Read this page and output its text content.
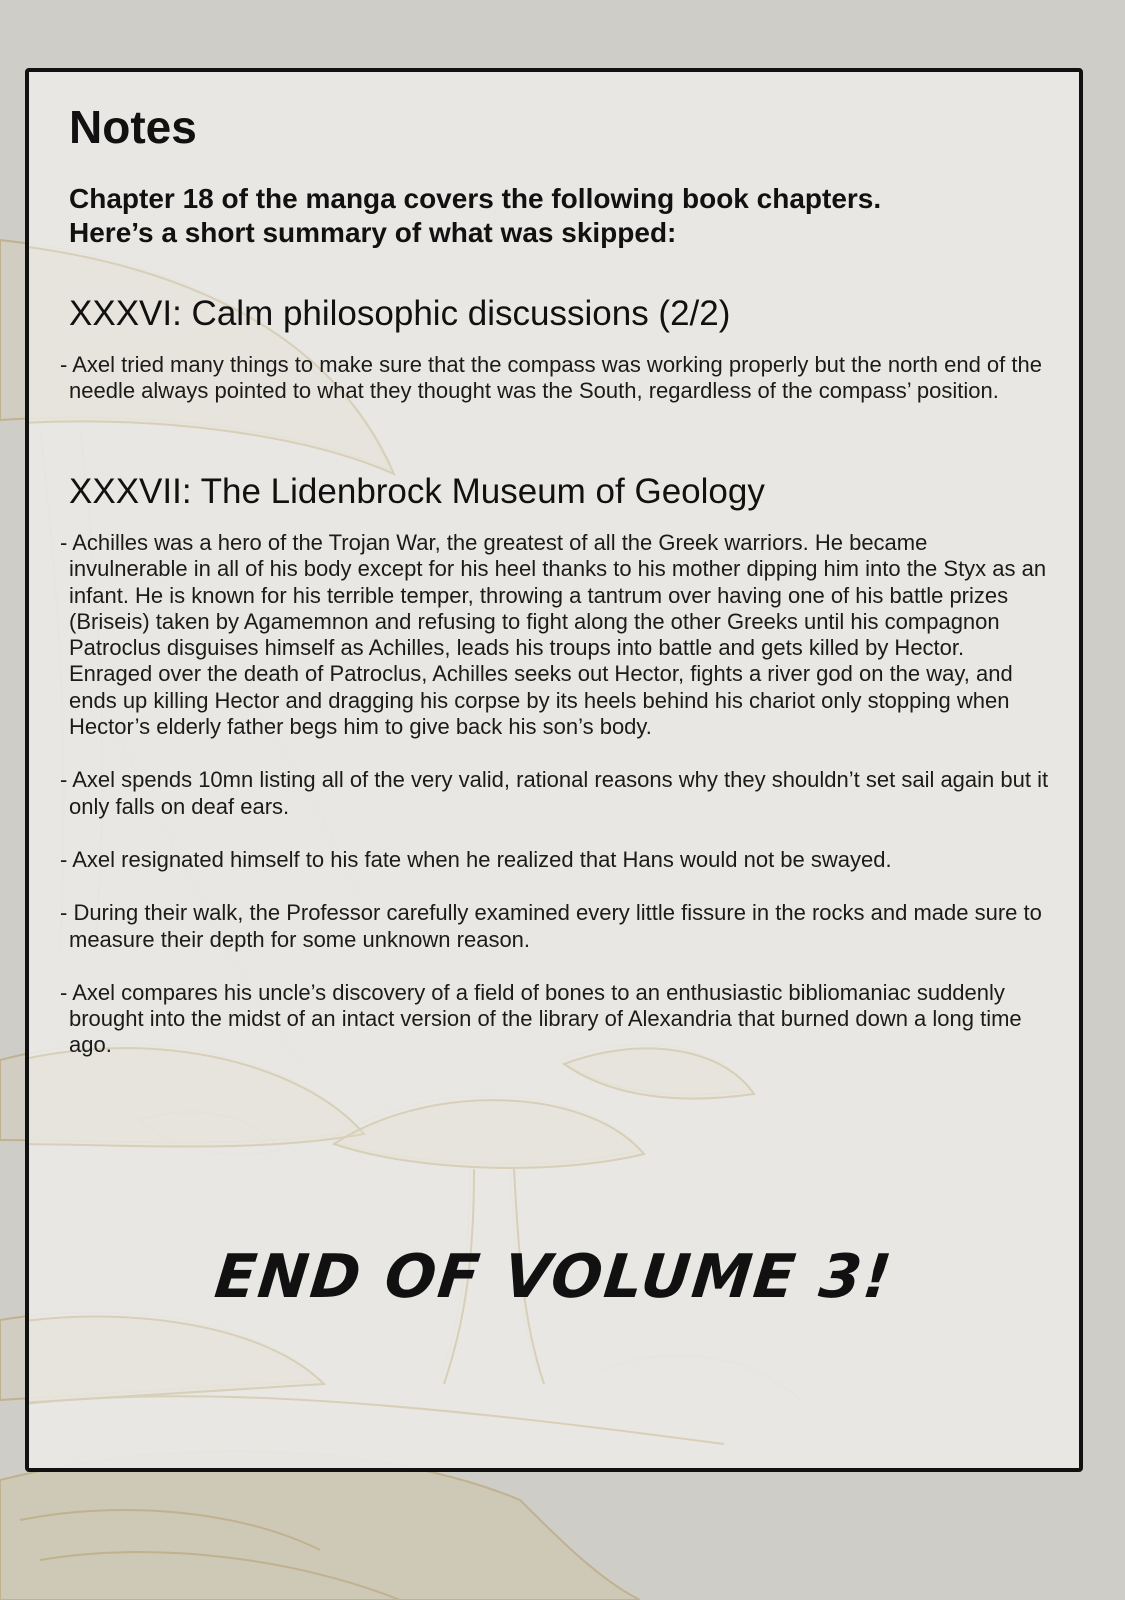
Notes

Chapter 18 of the manga covers the following book chapters.
Here’s a short summary of what was skipped:

XXXVI: Calm philosophic discussions (2/2)

- Axel tried many things to make sure that the compass was working properly but the north end of the needle always pointed to what they thought was the South, regardless of the compass’ position.

XXXVII: The Lidenbrock Museum of Geology

- Achilles was a hero of the Trojan War, the greatest of all the Greek warriors. He became invulnerable in all of his body except for his heel thanks to his mother dipping him into the Styx as an infant. He is known for his terrible temper, throwing a tantrum over having one of his battle prizes (Briseis) taken by Agamemnon and refusing to fight along the other Greeks until his compagnon Patroclus disguises himself as Achilles, leads his troups into battle and gets killed by Hector. Enraged over the death of Patroclus, Achilles seeks out Hector, fights a river god on the way, and ends up killing Hector and dragging his corpse by its heels behind his chariot only stopping when Hector’s elderly father begs him to give back his son’s body.

- Axel spends 10mn listing all of the very valid, rational reasons why they shouldn’t set sail again but it only falls on deaf ears.

- Axel resignated himself to his fate when he realized that Hans would not be swayed.

- During their walk, the Professor carefully examined every little fissure in the rocks and made sure to measure their depth for some unknown reason.

- Axel compares his uncle’s discovery of a field of bones to an enthusiastic bibliomaniac suddenly brought into the midst of an intact version of the library of Alexandria that burned down a long time ago.

END OF VOLUME 3!
